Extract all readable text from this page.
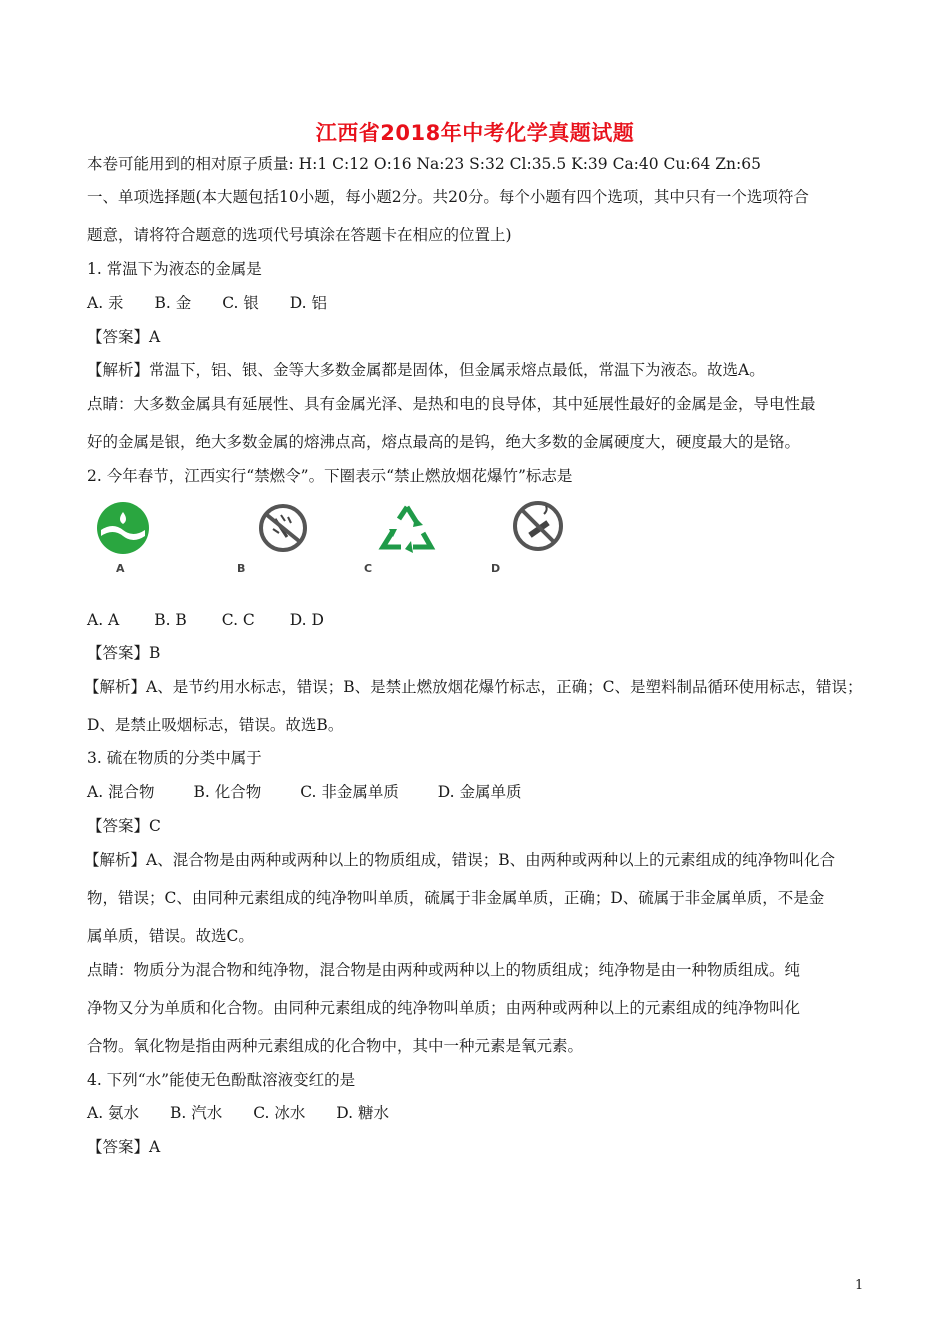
江西省2018年中考化学真题试题
本卷可能用到的相对原子质量: H:1 C:12 O:16 Na:23 S:32 Cl:35.5 K:39 Ca:40 Cu:64 Zn:65
一、单项选择题(本大题包括10小题，每小题2分。共20分。每个小题有四个选项，其中只有一个选项符合
题意，请将符合题意的选项代号填涂在答题卡在相应的位置上)
1. 常温下为液态的金属是
A. 汞 B. 金 C. 银 D. 铝
【答案】A
【解析】常温下，铝、银、金等大多数金属都是固体，但金属汞熔点最低，常温下为液态。故选A。
点睛：大多数金属具有延展性、具有金属光泽、是热和电的良导体，其中延展性最好的金属是金，导电性最
好的金属是银，绝大多数金属的熔沸点高，熔点最高的是钨，绝大多数的金属硬度大，硬度最大的是铬。
2. 今年春节，江西实行“禁燃令”。下圈表示“禁止燃放烟花爆竹”标志是
A	B	C	D
A. A B. B C. C D. D
【答案】B
【解析】A、是节约用水标志，错误；B、是禁止燃放烟花爆竹标志，正确；C、是塑料制品循环使用标志，错误；
D、是禁止吸烟标志，错误。故选B。
3. 硫在物质的分类中属于
A. 混合物	B. 化合物	C. 非金属单质	D. 金属单质
【答案】C
【解析】A、混合物是由两种或两种以上的物质组成，错误；B、由两种或两种以上的元素组成的纯净物叫化合
物，错误；C、由同种元素组成的纯净物叫单质，硫属于非金属单质，正确；D、硫属于非金属单质，不是金
属单质，错误。故选C。
点睛：物质分为混合物和纯净物，混合物是由两种或两种以上的物质组成；纯净物是由一种物质组成。纯
净物又分为单质和化合物。由同种元素组成的纯净物叫单质；由两种或两种以上的元素组成的纯净物叫化
合物。氧化物是指由两种元素组成的化合物中，其中一种元素是氧元素。
4. 下列“水”能使无色酚酞溶液变红的是
A. 氨水 B. 汽水 C. 冰水 D. 糖水
【答案】A
1
